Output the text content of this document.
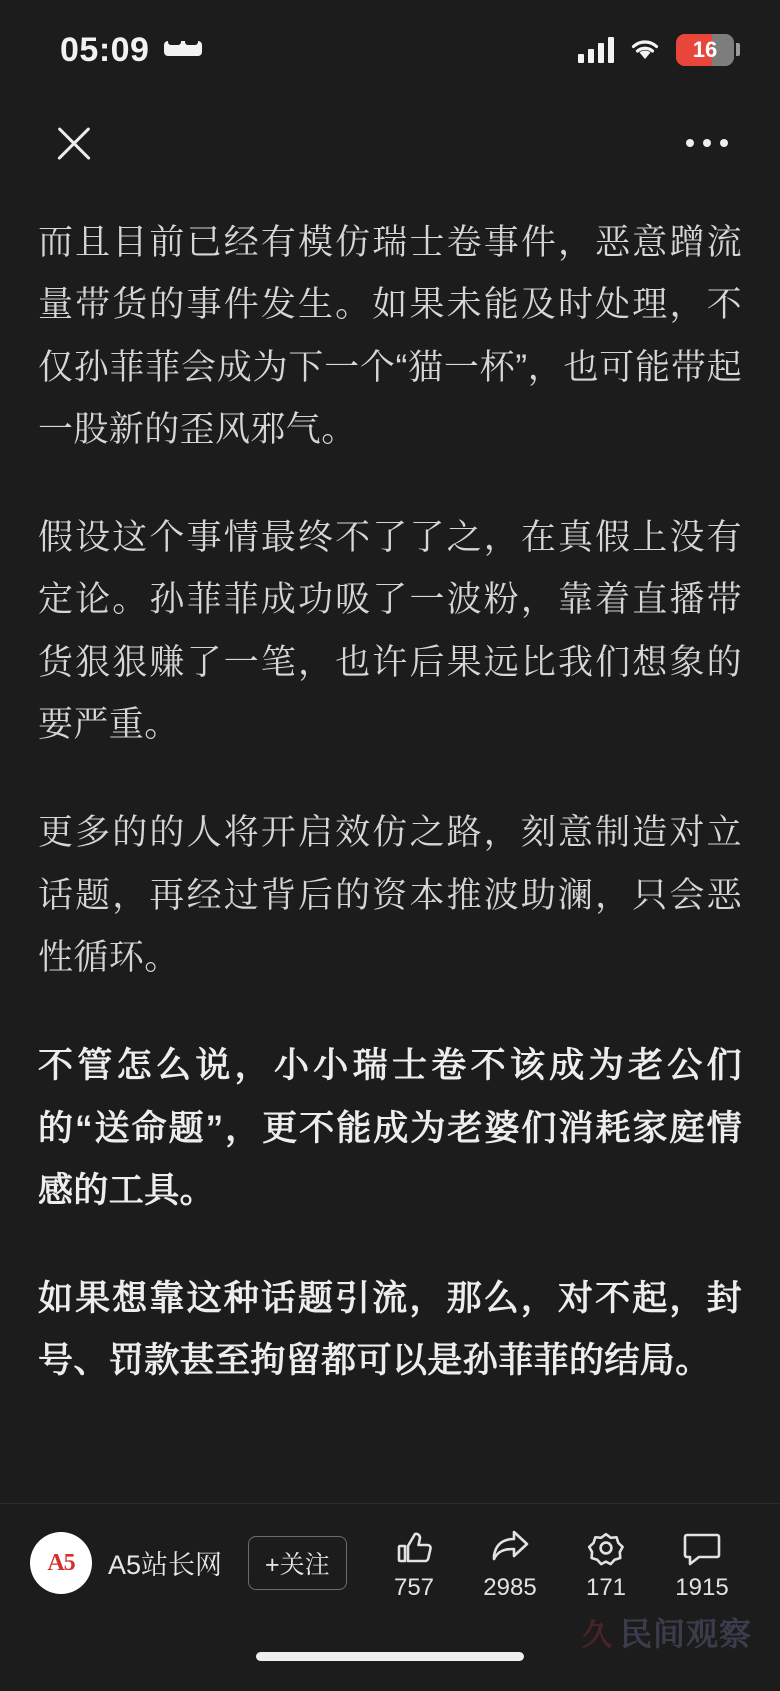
05:09	16

而且目前已经有模仿瑞士卷事件，恶意蹭流量带货的事件发生。如果未能及时处理，不仅孙菲菲会成为下一个“猫一杯”，也可能带起一股新的歪风邪气。

假设这个事情最终不了了之，在真假上没有定论。孙菲菲成功吸了一波粉，靠着直播带货狠狠赚了一笔，也许后果远比我们想象的要严重。

更多的的人将开启效仿之路，刻意制造对立话题，再经过背后的资本推波助澜，只会恶性循环。

不管怎么说，小小瑞士卷不该成为老公们的“送命题”，更不能成为老婆们消耗家庭情感的工具。

如果想靠这种话题引流，那么，对不起，封号、罚款甚至拘留都可以是孙菲菲的结局。

A5 A5站长网	+关注
757 2985 171 1915
久 民间观察
